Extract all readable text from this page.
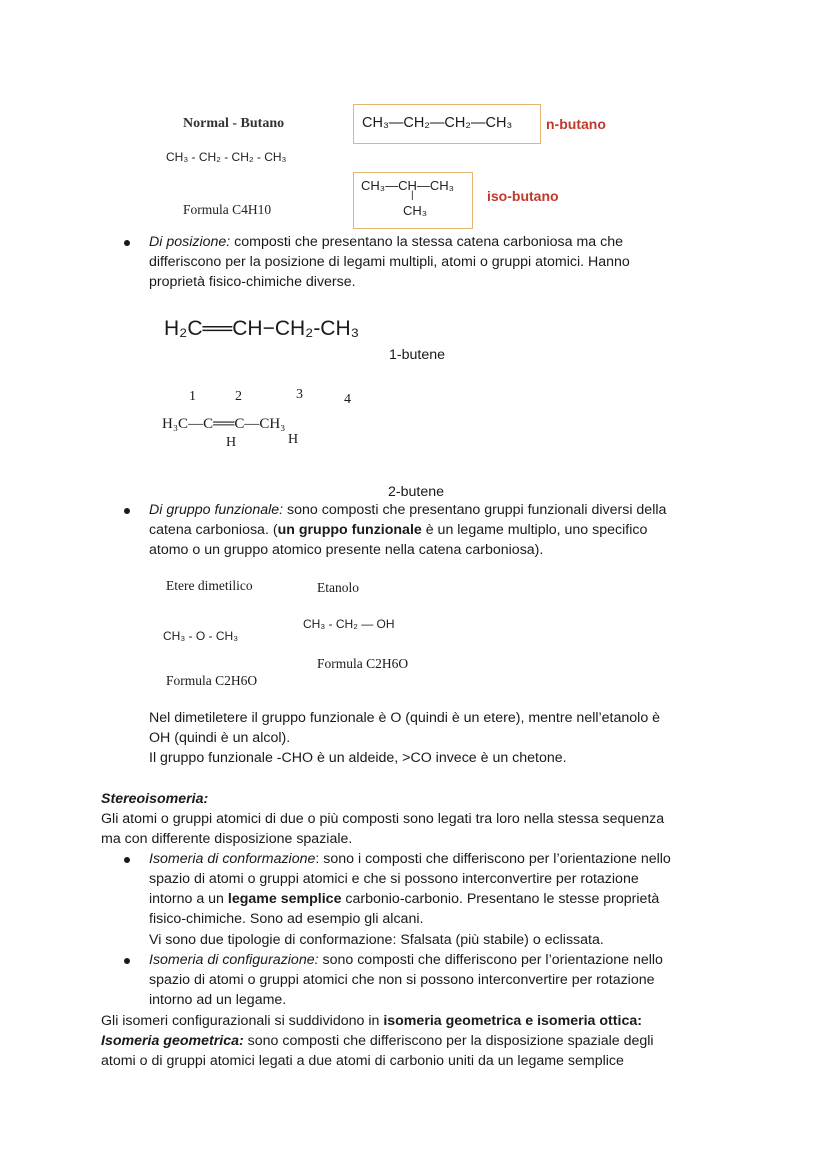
Normal - Butano
CH₃ - CH₂ - CH₂ - CH₃
Formula C4H10
CH₃—CH₂—CH₂—CH₃ n-butano
CH₃—CH—CH₃
|
CH₃
iso-butano
Di posizione: composti che presentano la stessa catena carboniosa ma che
differiscono per la posizione di legami multipli, atomi o gruppi atomici. Hanno
proprietà fisico-chimiche diverse.
H₂C══CH−CH₂-CH₃
1-butene
1	2	3	4
H₃C—C══C—CH₃
H	H
2-butene
Di gruppo funzionale: sono composti che presentano gruppi funzionali diversi della
catena carboniosa. (un gruppo funzionale è un legame multiplo, uno specifico
atomo o un gruppo atomico presente nella catena carboniosa).
Etere dimetilico	Etanolo
CH₃ - O - CH₃
CH₃ - CH₂ — OH
Formula C2H6O
Formula C2H6O
Nel dimetiletere il gruppo funzionale è O (quindi è un etere), mentre nell’etanolo è
OH (quindi è un alcol).
Il gruppo funzionale -CHO è un aldeide, >CO invece è un chetone.
Stereoisomeria:
Gli atomi o gruppi atomici di due o più composti sono legati tra loro nella stessa sequenza
ma con differente disposizione spaziale.
Isomeria di conformazione: sono i composti che differiscono per l’orientazione nello
spazio di atomi o gruppi atomici e che si possono interconvertire per rotazione
intorno a un legame semplice carbonio-carbonio. Presentano le stesse proprietà
fisico-chimiche. Sono ad esempio gli alcani.
Vi sono due tipologie di conformazione: Sfalsata (più stabile) o eclissata.
Isomeria di configurazione: sono composti che differiscono per l’orientazione nello
spazio di atomi o gruppi atomici che non si possono interconvertire per rotazione
intorno ad un legame.
Gli isomeri configurazionali si suddividono in isomeria geometrica e isomeria ottica:
Isomeria geometrica: sono composti che differiscono per la disposizione spaziale degli
atomi o di gruppi atomici legati a due atomi di carbonio uniti da un legame semplice
